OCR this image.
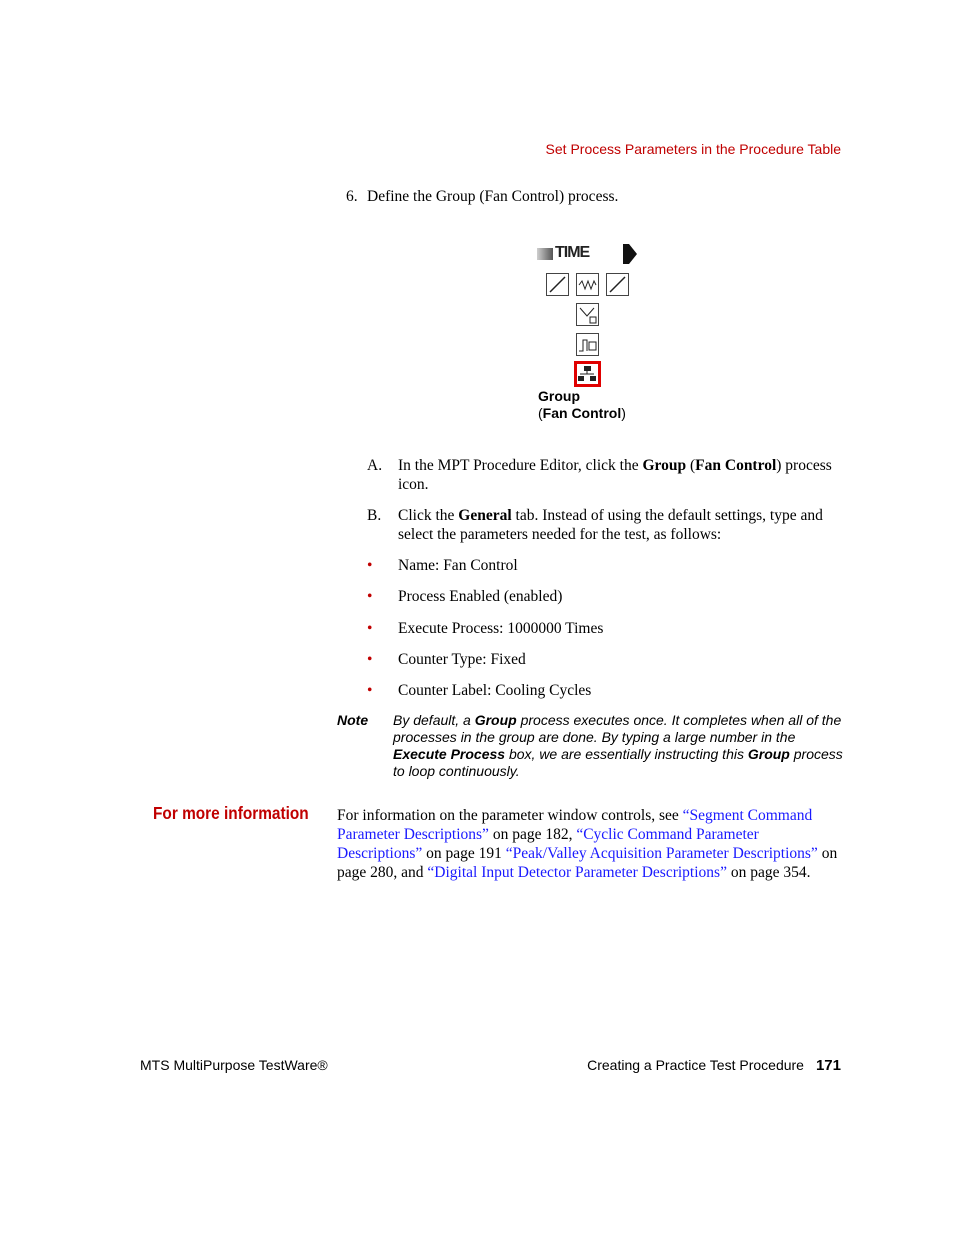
Set Process Parameters in the Procedure Table
6. Define the Group (Fan Control) process.
TIME
Group
(Fan Control)
A. In the MPT Procedure Editor, click the Group (Fan Control) process icon.
B. Click the General tab. Instead of using the default settings, type and select the parameters needed for the test, as follows:
• Name: Fan Control
• Process Enabled (enabled)
• Execute Process: 1000000 Times
• Counter Type: Fixed
• Counter Label: Cooling Cycles
Note By default, a Group process executes once. It completes when all of the processes in the group are done. By typing a large number in the Execute Process box, we are essentially instructing this Group process to loop continuously.
For more information For information on the parameter window controls, see “Segment Command Parameter Descriptions” on page 182, “Cyclic Command Parameter Descriptions” on page 191 “Peak/Valley Acquisition Parameter Descriptions” on page 280, and “Digital Input Detector Parameter Descriptions” on page 354.
MTS MultiPurpose TestWare®	Creating a Practice Test Procedure 171
